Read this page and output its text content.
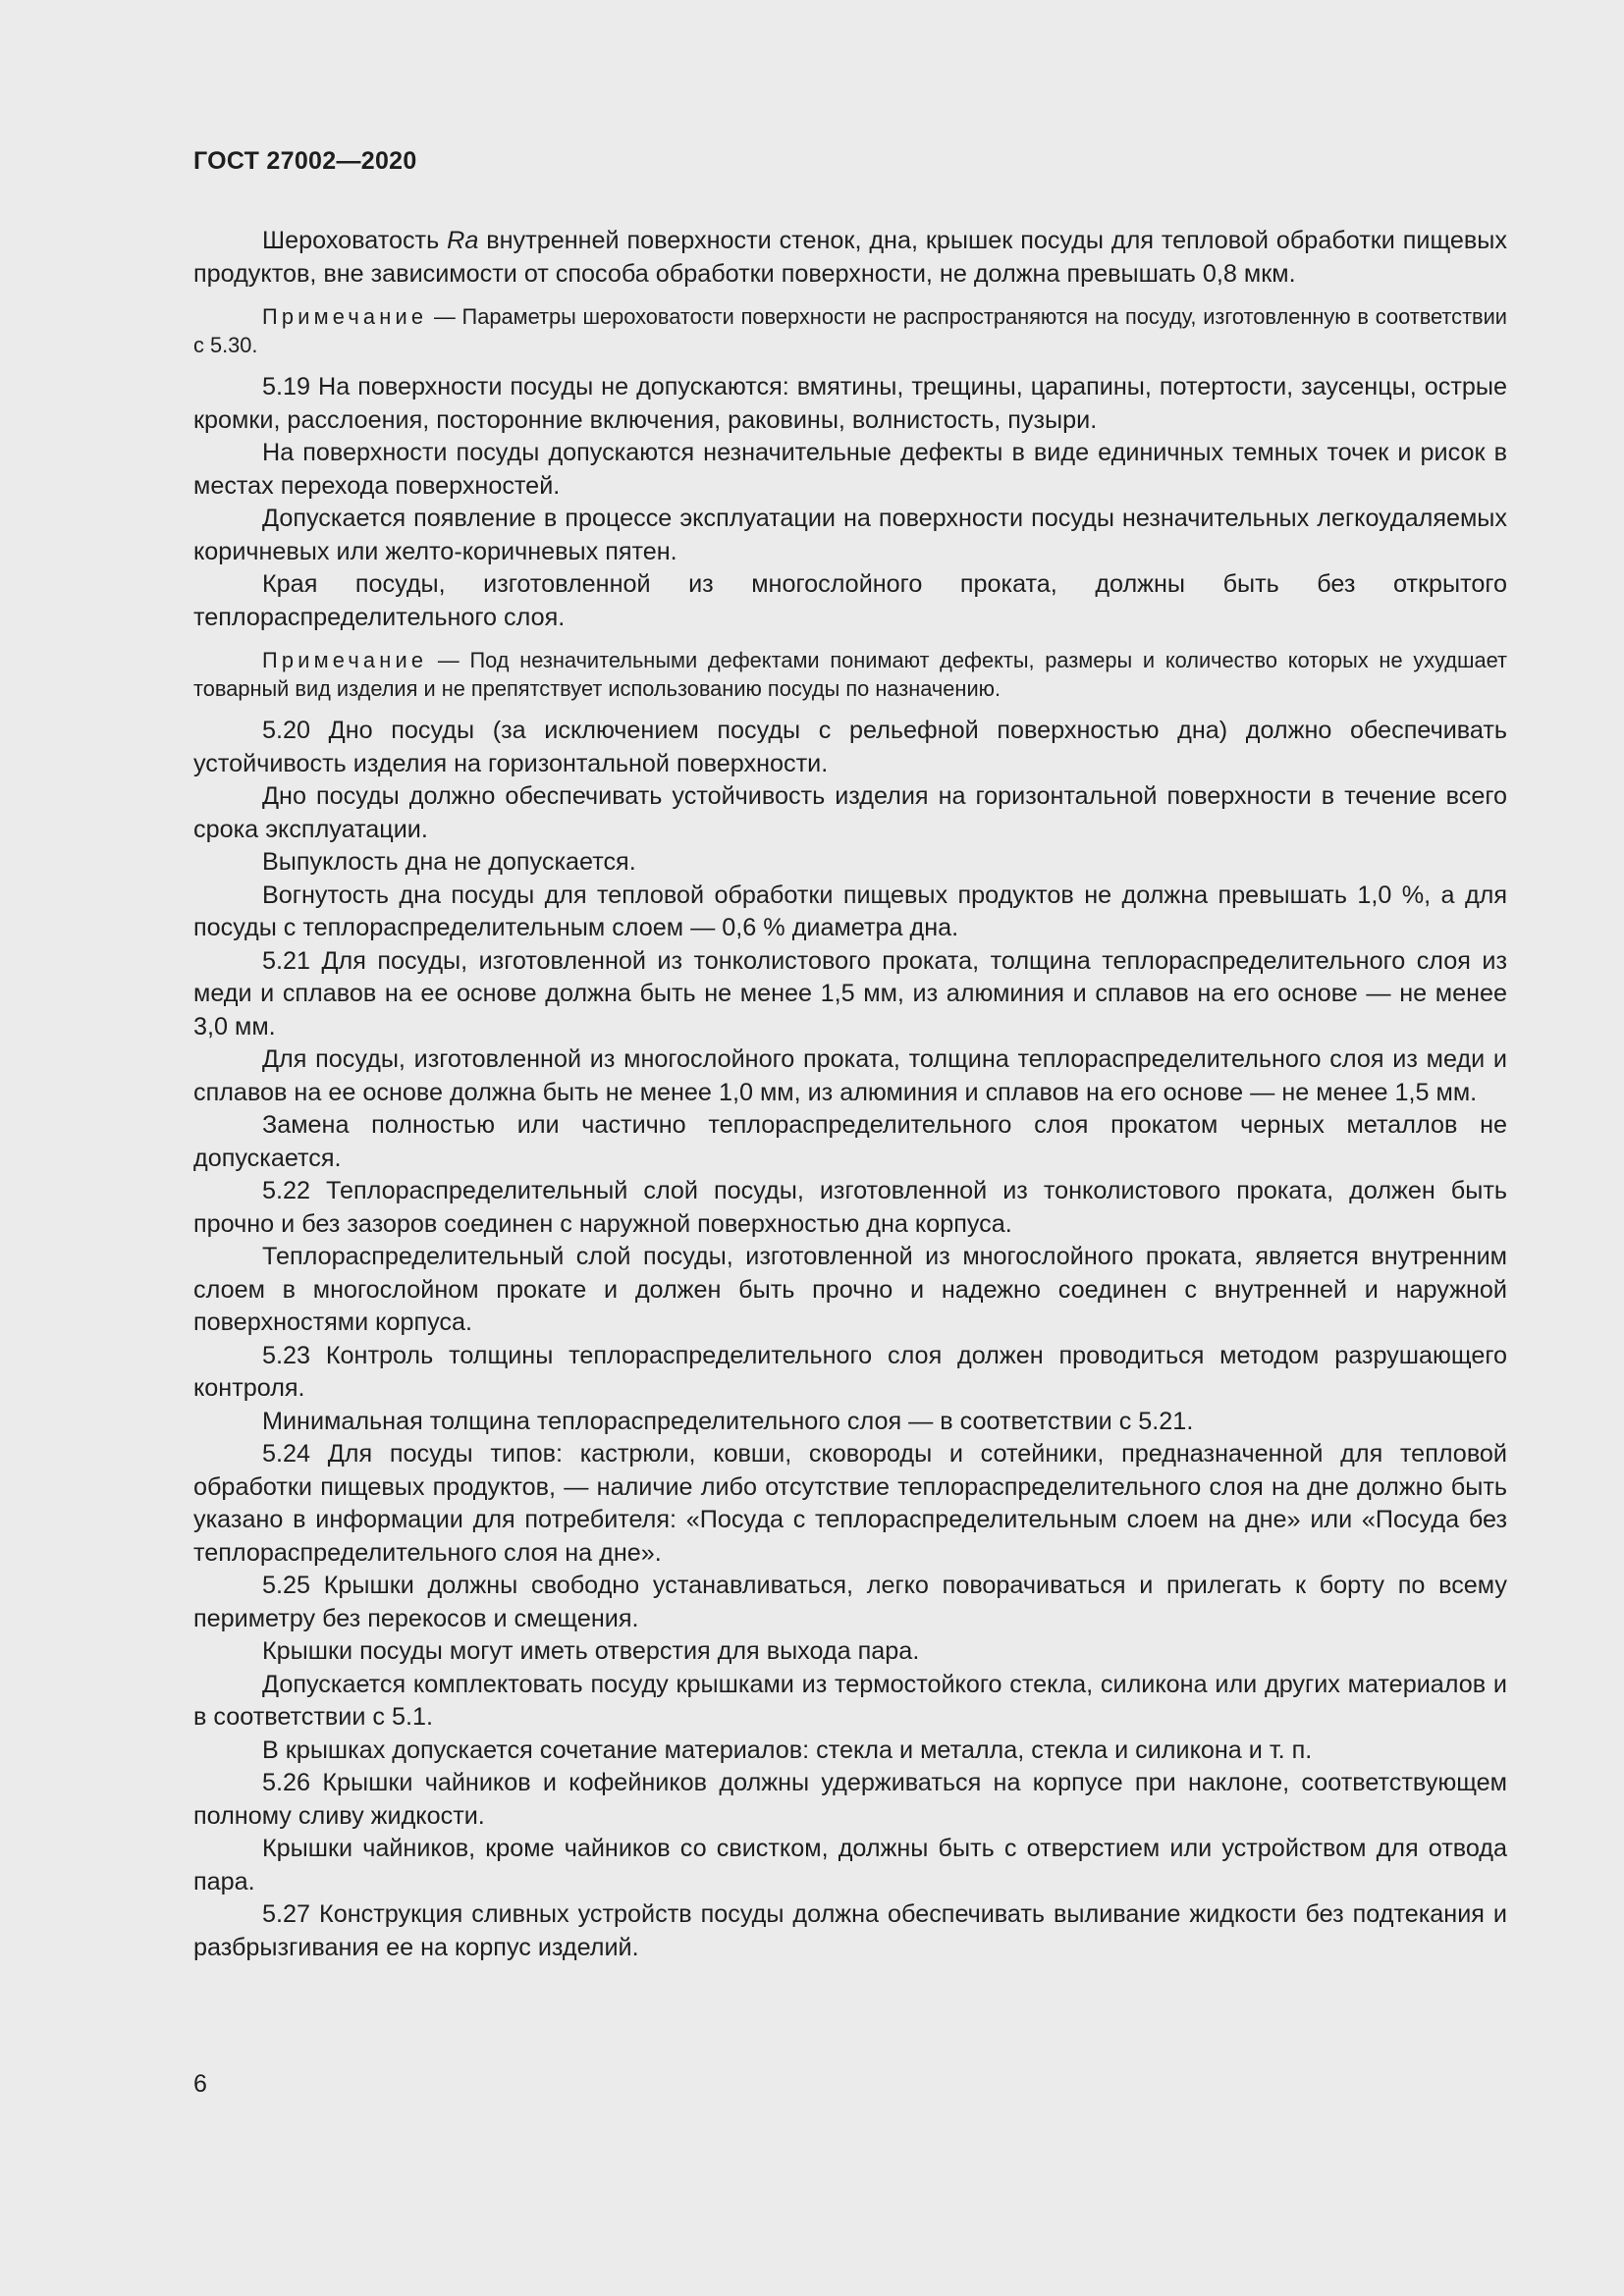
ГОСТ 27002—2020

Шероховатость Ra внутренней поверхности стенок, дна, крышек посуды для тепловой обработки пищевых продуктов, вне зависимости от способа обработки поверхности, не должна превышать 0,8 мкм.

Примечание — Параметры шероховатости поверхности не распространяются на посуду, изготовленную в соответствии с 5.30.

5.19 На поверхности посуды не допускаются: вмятины, трещины, царапины, потертости, заусенцы, острые кромки, расслоения, посторонние включения, раковины, волнистость, пузыри.

На поверхности посуды допускаются незначительные дефекты в виде единичных темных точек и рисок в местах перехода поверхностей.

Допускается появление в процессе эксплуатации на поверхности посуды незначительных легкоудаляемых коричневых или желто-коричневых пятен.

Края посуды, изготовленной из многослойного проката, должны быть без открытого теплораспределительного слоя.

Примечание — Под незначительными дефектами понимают дефекты, размеры и количество которых не ухудшает товарный вид изделия и не препятствует использованию посуды по назначению.

5.20 Дно посуды (за исключением посуды с рельефной поверхностью дна) должно обеспечивать устойчивость изделия на горизонтальной поверхности.

Дно посуды должно обеспечивать устойчивость изделия на горизонтальной поверхности в течение всего срока эксплуатации.

Выпуклость дна не допускается.

Вогнутость дна посуды для тепловой обработки пищевых продуктов не должна превышать 1,0 %, а для посуды с теплораспределительным слоем — 0,6 % диаметра дна.

5.21 Для посуды, изготовленной из тонколистового проката, толщина теплораспределительного слоя из меди и сплавов на ее основе должна быть не менее 1,5 мм, из алюминия и сплавов на его основе — не менее 3,0 мм.

Для посуды, изготовленной из многослойного проката, толщина теплораспределительного слоя из меди и сплавов на ее основе должна быть не менее 1,0 мм, из алюминия и сплавов на его основе — не менее 1,5 мм.

Замена полностью или частично теплораспределительного слоя прокатом черных металлов не допускается.

5.22 Теплораспределительный слой посуды, изготовленной из тонколистового проката, должен быть прочно и без зазоров соединен с наружной поверхностью дна корпуса.

Теплораспределительный слой посуды, изготовленной из многослойного проката, является внутренним слоем в многослойном прокате и должен быть прочно и надежно соединен с внутренней и наружной поверхностями корпуса.

5.23 Контроль толщины теплораспределительного слоя должен проводиться методом разрушающего контроля.

Минимальная толщина теплораспределительного слоя — в соответствии с 5.21.

5.24 Для посуды типов: кастрюли, ковши, сковороды и сотейники, предназначенной для тепловой обработки пищевых продуктов, — наличие либо отсутствие теплораспределительного слоя на дне должно быть указано в информации для потребителя: «Посуда с теплораспределительным слоем на дне» или «Посуда без теплораспределительного слоя на дне».

5.25 Крышки должны свободно устанавливаться, легко поворачиваться и прилегать к борту по всему периметру без перекосов и смещения.

Крышки посуды могут иметь отверстия для выхода пара.

Допускается комплектовать посуду крышками из термостойкого стекла, силикона или других материалов и в соответствии с 5.1.

В крышках допускается сочетание материалов: стекла и металла, стекла и силикона и т. п.

5.26 Крышки чайников и кофейников должны удерживаться на корпусе при наклоне, соответствующем полному сливу жидкости.

Крышки чайников, кроме чайников со свистком, должны быть с отверстием или устройством для отвода пара.

5.27 Конструкция сливных устройств посуды должна обеспечивать выливание жидкости без подтекания и разбрызгивания ее на корпус изделий.

6
